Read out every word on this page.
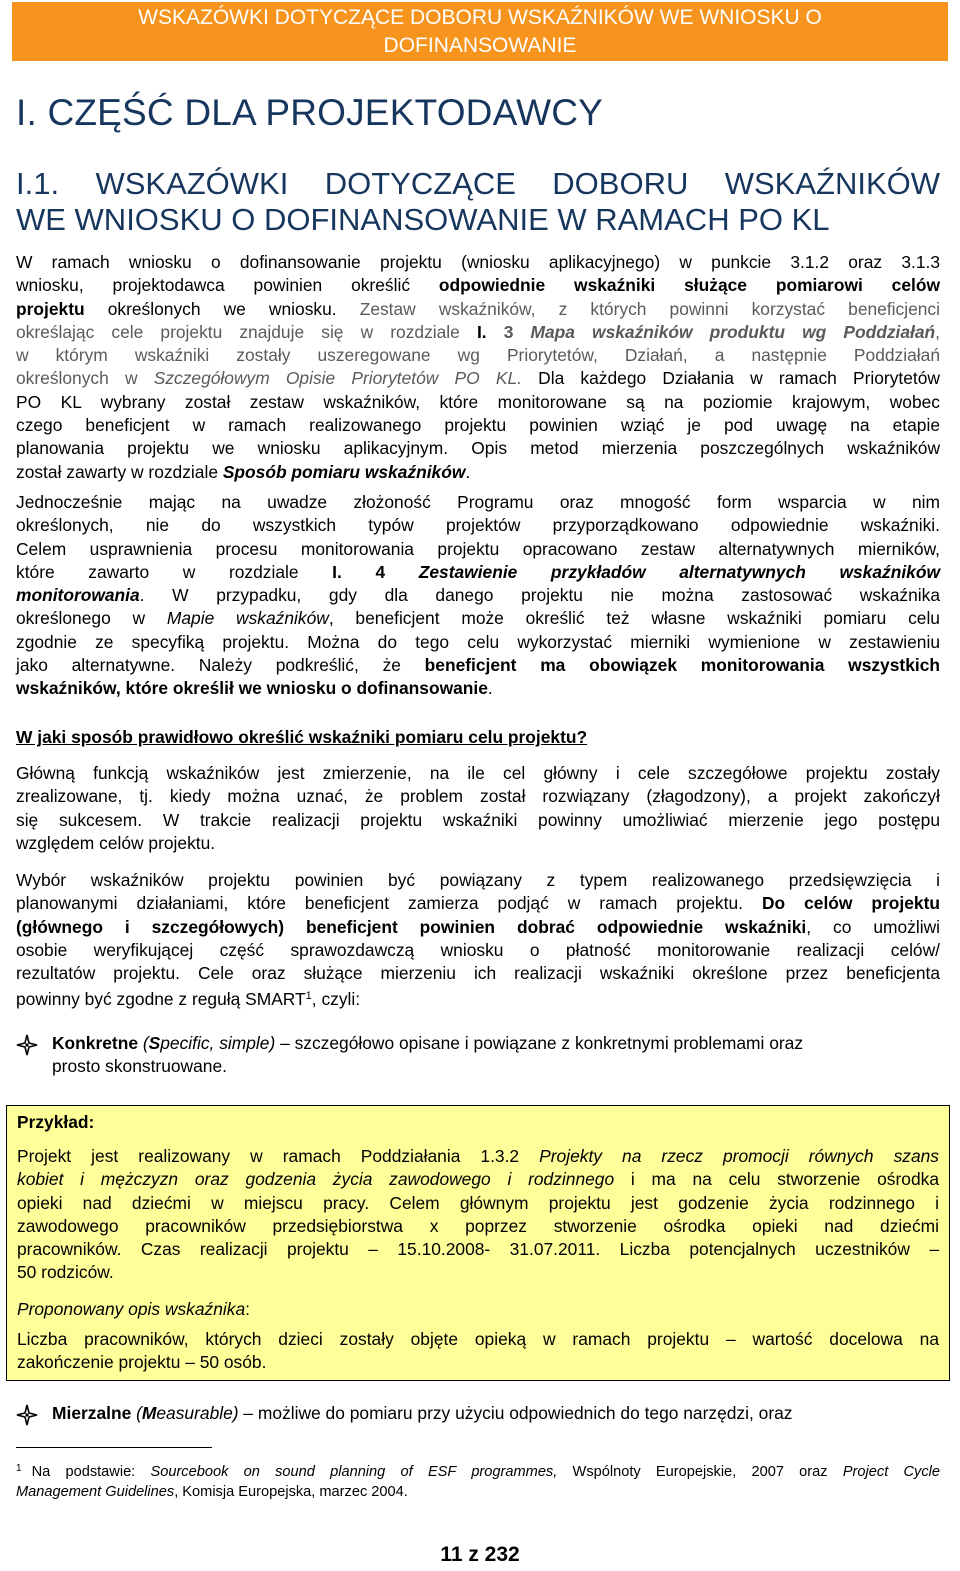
WSKAZÓWKI DOTYCZĄCE DOBORU WSKAŹNIKÓW WE WNIOSKU O
DOFINANSOWANIE
I. CZĘŚĆ DLA PROJEKTODAWCY
I.1. WSKAZÓWKI DOTYCZĄCE DOBORU WSKAŹNIKÓW
WE WNIOSKU O DOFINANSOWANIE W RAMACH PO KL
W ramach wniosku o dofinansowanie projektu (wniosku aplikacyjnego) w punkcie 3.1.2 oraz 3.1.3
wniosku, projektodawca powinien określić odpowiednie wskaźniki służące pomiarowi celów
projektu określonych we wniosku. Zestaw wskaźników, z których powinni korzystać beneficjenci
określając cele projektu znajduje się w rozdziale I. 3 Mapa wskaźników produktu wg Poddziałań,
w którym wskaźniki zostały uszeregowane wg Priorytetów, Działań, a następnie Poddziałań
określonych w Szczegółowym Opisie Priorytetów PO KL. Dla każdego Działania w ramach Priorytetów
PO KL wybrany został zestaw wskaźników, które monitorowane są na poziomie krajowym, wobec
czego beneficjent w ramach realizowanego projektu powinien wziąć je pod uwagę na etapie
planowania projektu we wniosku aplikacyjnym. Opis metod mierzenia poszczególnych wskaźników
został zawarty w rozdziale Sposób pomiaru wskaźników.
Jednocześnie mając na uwadze złożoność Programu oraz mnogość form wsparcia w nim
określonych, nie do wszystkich typów projektów przyporządkowano odpowiednie wskaźniki.
Celem usprawnienia procesu monitorowania projektu opracowano zestaw alternatywnych mierników,
które zawarto w rozdziale I. 4 Zestawienie przykładów alternatywnych wskaźników
monitorowania. W przypadku, gdy dla danego projektu nie można zastosować wskaźnika
określonego w Mapie wskaźników, beneficjent może określić też własne wskaźniki pomiaru celu
zgodnie ze specyfiką projektu. Można do tego celu wykorzystać mierniki wymienione w zestawieniu
jako alternatywne. Należy podkreślić, że beneficjent ma obowiązek monitorowania wszystkich
wskaźników, które określił we wniosku o dofinansowanie.
W jaki sposób prawidłowo określić wskaźniki pomiaru celu projektu?
Główną funkcją wskaźników jest zmierzenie, na ile cel główny i cele szczegółowe projektu zostały
zrealizowane, tj. kiedy można uznać, że problem został rozwiązany (złagodzony), a projekt zakończył
się sukcesem. W trakcie realizacji projektu wskaźniki powinny umożliwiać mierzenie jego postępu
względem celów projektu.
Wybór wskaźników projektu powinien być powiązany z typem realizowanego przedsięwzięcia i
planowanymi działaniami, które beneficjent zamierza podjąć w ramach projektu. Do celów projektu
(głównego i szczegółowych) beneficjent powinien dobrać odpowiednie wskaźniki, co umożliwi
osobie weryfikującej część sprawozdawczą wniosku o płatność monitorowanie realizacji celów/
rezultatów projektu. Cele oraz służące mierzeniu ich realizacji wskaźniki określone przez beneficjenta
powinny być zgodne z regułą SMART$^1$, czyli:
Konkretne (Specific, simple) – szczegółowo opisane i powiązane z konkretnymi problemami oraz
prosto skonstruowane.
Przykład:
Projekt jest realizowany w ramach Poddziałania 1.3.2 Projekty na rzecz promocji równych szans
kobiet i mężczyzn oraz godzenia życia zawodowego i rodzinnego i ma na celu stworzenie ośrodka
opieki nad dziećmi w miejscu pracy. Celem głównym projektu jest godzenie życia rodzinnego i
zawodowego pracowników przedsiębiorstwa x poprzez stworzenie ośrodka opieki nad dziećmi
pracowników. Czas realizacji projektu – 15.10.2008- 31.07.2011. Liczba potencjalnych uczestników –
50 rodziców.
Proponowany opis wskaźnika:
Liczba pracowników, których dzieci zostały objęte opieką w ramach projektu – wartość docelowa na
zakończenie projektu – 50 osób.
Mierzalne (Measurable) – możliwe do pomiaru przy użyciu odpowiednich do tego narzędzi, oraz
$^1$ Na podstawie: Sourcebook on sound planning of ESF programmes, Wspólnoty Europejskie, 2007 oraz Project Cycle
Management Guidelines, Komisja Europejska, marzec 2004.
11 z 232
